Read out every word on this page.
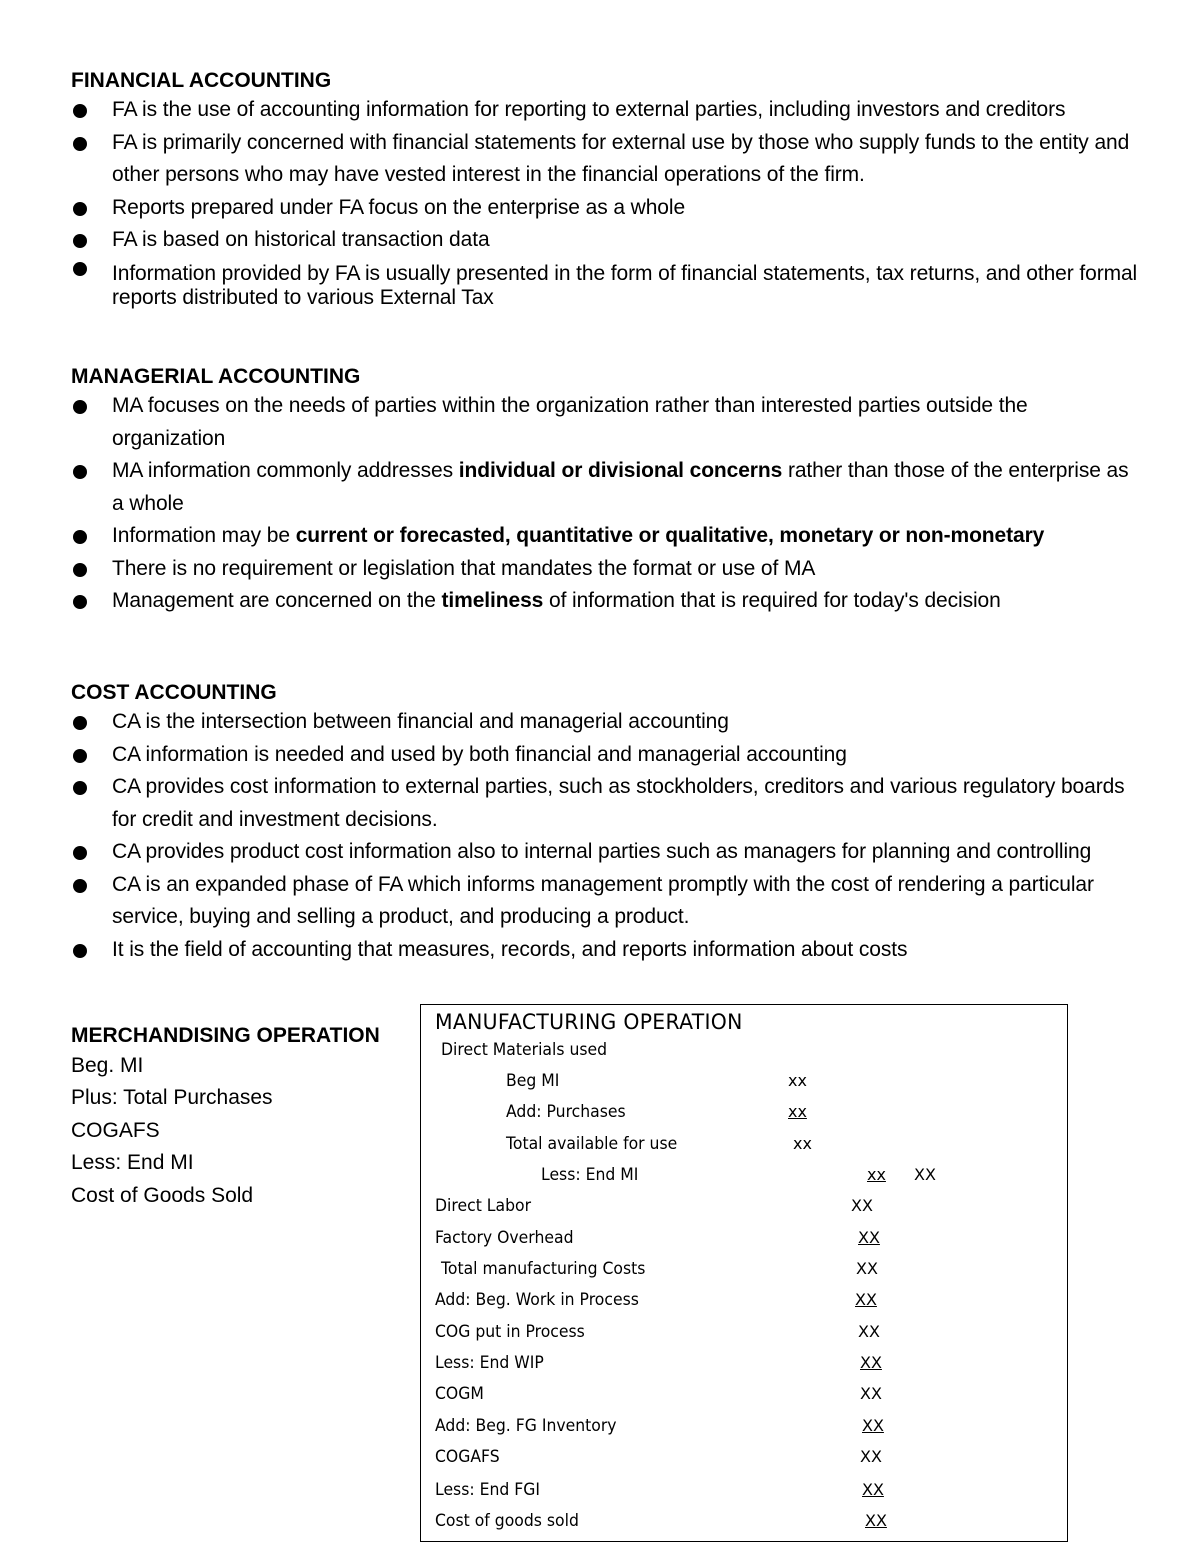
FINANCIAL ACCOUNTING
FA is the use of accounting information for reporting to external parties, including investors and creditors
FA is primarily concerned with financial statements for external use by those who supply funds to the entity and other persons who may have vested interest in the financial operations of the firm.
Reports prepared under FA focus on the enterprise as a whole
FA is based on historical transaction data
Information provided by FA is usually presented in the form of financial statements, tax returns, and other formal reports distributed to various External Tax
MANAGERIAL ACCOUNTING
MA focuses on the needs of parties within the organization rather than interested parties outside the organization
MA information commonly addresses individual or divisional concerns rather than those of the enterprise as a whole
Information may be current or forecasted, quantitative or qualitative, monetary or non-monetary
There is no requirement or legislation that mandates the format or use of MA
Management are concerned on the timeliness of information that is required for today's decision
COST ACCOUNTING
CA is the intersection between financial and managerial accounting
CA information is needed and used by both financial and managerial accounting
CA provides cost information to external parties, such as stockholders, creditors and various regulatory boards for credit and investment decisions.
CA provides product cost information also to internal parties such as managers for planning and controlling
CA is an expanded phase of FA which informs management promptly with the cost of rendering a particular service, buying and selling a product, and producing a product.
It is the field of accounting that measures, records, and reports information about costs
MERCHANDISING OPERATION
Beg. MI
Plus: Total Purchases
COGAFS
Less: End MI
Cost of Goods Sold
MANUFACTURING OPERATION
Direct Materials used
Beg MI	xx
Add: Purchases	xx
Total available for use	xx
Less: End MI	xx XX
Direct Labor	XX
Factory Overhead	XX
Total manufacturing Costs	XX
Add: Beg. Work in Process	XX
COG put in Process	XX
Less: End WIP	XX
COGM	XX
Add: Beg. FG Inventory	XX
COGAFS	XX
Less: End FGI	XX
Cost of goods sold	XX
